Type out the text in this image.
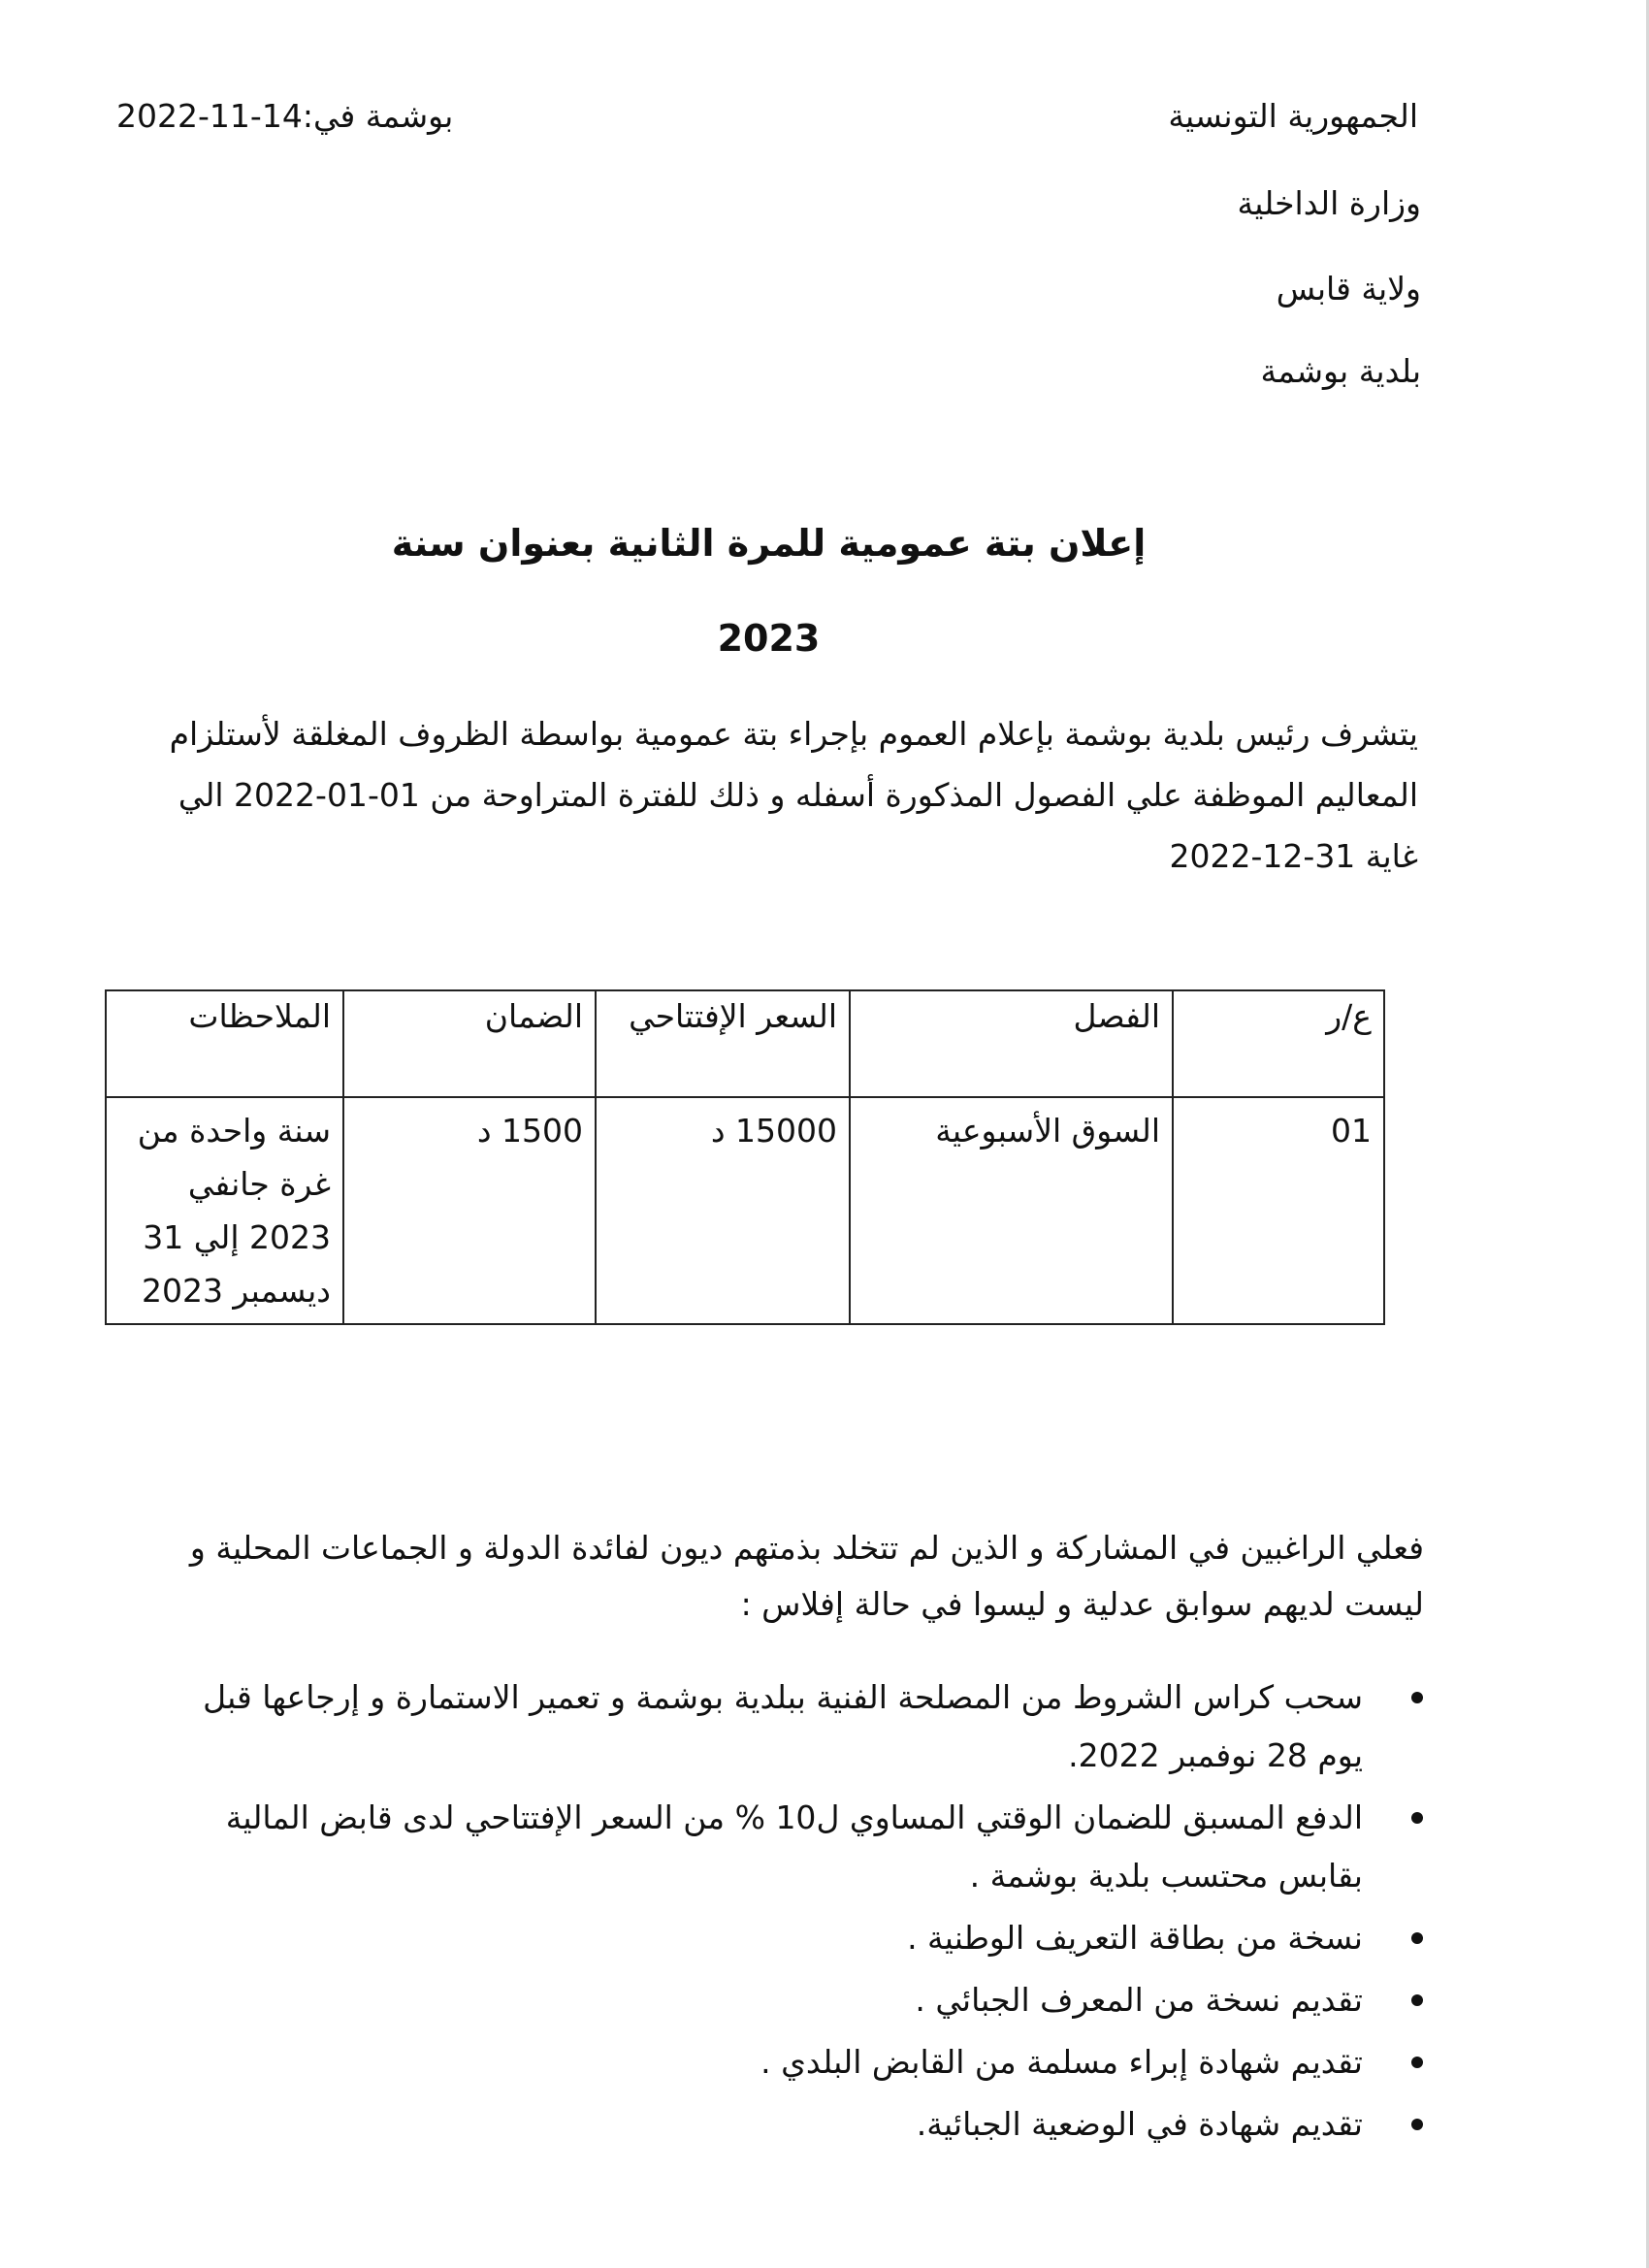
الجمهورية التونسية
وزارة الداخلية
ولاية قابس
بلدية بوشمة
بوشمة في:14-11-2022
إعلان بتة عمومية للمرة الثانية بعنوان سنة
2023
يتشرف رئيس بلدية بوشمة بإعلام العموم بإجراء بتة عمومية بواسطة الظروف المغلقة لأستلزام
المعاليم الموظفة علي الفصول المذكورة أسفله و ذلك للفترة المتراوحة من 01-01-2022 الي
غاية 31-12-2022
ع/ر	الفصل	السعر الإفتتاحي	الضمان	الملاحظات
01	السوق الأسبوعية	15000 د	1500 د	سنة واحدة من
غرة جانفي
2023 إلي 31
ديسمبر 2023
فعلي الراغبين في المشاركة و الذين لم تتخلد بذمتهم ديون لفائدة الدولة و الجماعات المحلية و
ليست لديهم سوابق عدلية و ليسوا في حالة إفلاس :
سحب كراس الشروط من المصلحة الفنية ببلدية بوشمة و تعمير الاستمارة و إرجاعها قبل
يوم 28 نوفمبر 2022.
الدفع المسبق للضمان الوقتي المساوي ل10 % من السعر الإفتتاحي لدى قابض المالية
بقابس محتسب بلدية بوشمة .
نسخة من بطاقة التعريف الوطنية .
تقديم نسخة من المعرف الجبائي .
تقديم شهادة إبراء مسلمة من القابض البلدي .
تقديم شهادة في الوضعية الجبائية.
